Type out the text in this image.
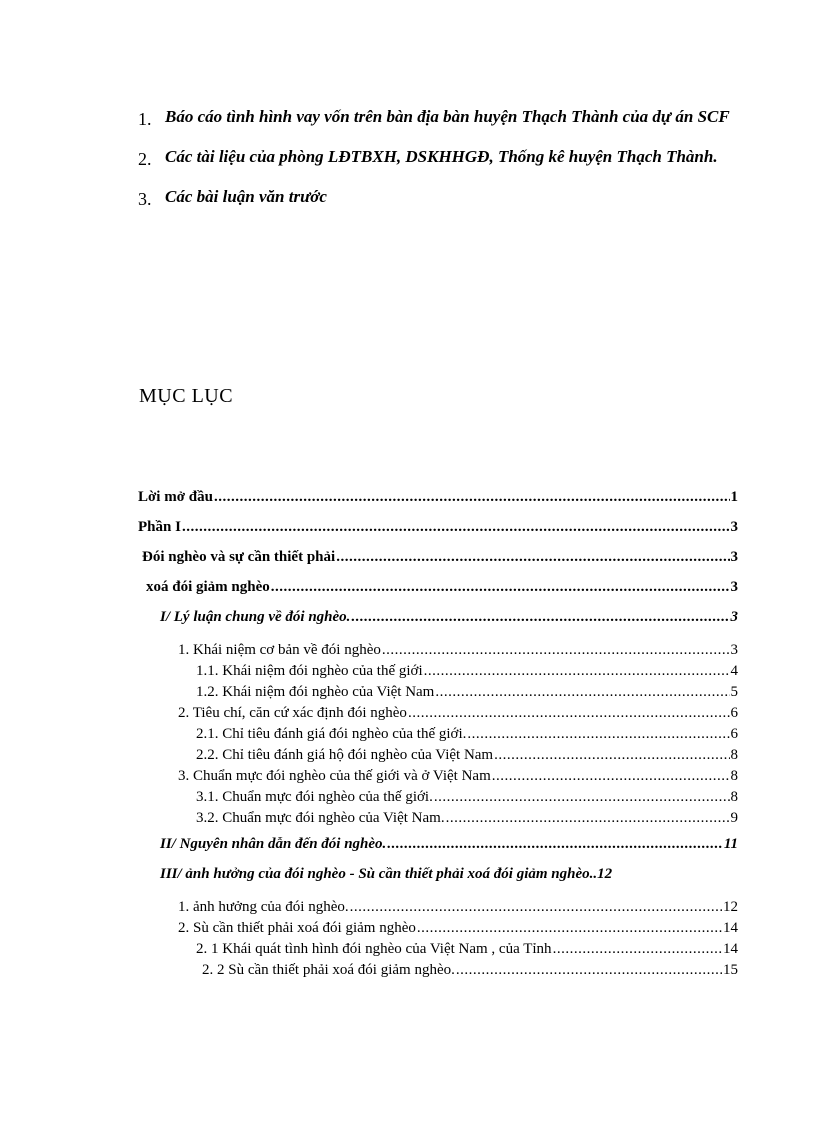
1. Báo cáo tình hình vay vốn trên bàn địa bàn huyện Thạch Thành của dự án SCF
2. Các tài liệu của phòng LĐTBXH, DSKHHGĐ, Thống kê huyện Thạch Thành.
3. Các bài luận văn trước
MỤC LỤC
Lời mở đầu .....	1
Phần I .....	3
Đói nghèo và sự cần thiết phải .....	3
xoá đói giảm nghèo .....	3
I/ Lý luận chung về đói nghèo. .....	3
1. Khái niệm cơ bản về đói nghèo .....	3
1.1. Khái niệm đói nghèo của thế giới .....	4
1.2. Khái niệm đói nghèo của Việt Nam .....	5
2. Tiêu chí, căn cứ xác định đói nghèo .....	6
2.1. Chỉ tiêu đánh giá đói nghèo của thế giới. .....	6
2.2. Chỉ tiêu đánh giá hộ đói nghèo của Việt Nam .....	8
3. Chuẩn mực đói nghèo của thế giới và ở Việt Nam .....	8
3.1. Chuẩn mực đói nghèo của thế giới. .....	8
3.2. Chuẩn mực đói nghèo của Việt Nam. .....	9
II/ Nguyên nhân dẫn đến đói nghèo. .....	11
III/ ảnh hưởng của đói nghèo - Sù cần thiết phải xoá đói giảm nghèo.. 12
1. ảnh hưởng của đói nghèo. .....	12
2. Sù cần thiết phải xoá đói giảm nghèo .....	14
2. 1 Khái quát tình hình đói nghèo của Việt Nam , của Tỉnh .....	14
2. 2 Sù cần thiết phải xoá đói giảm nghèo. .....	15
